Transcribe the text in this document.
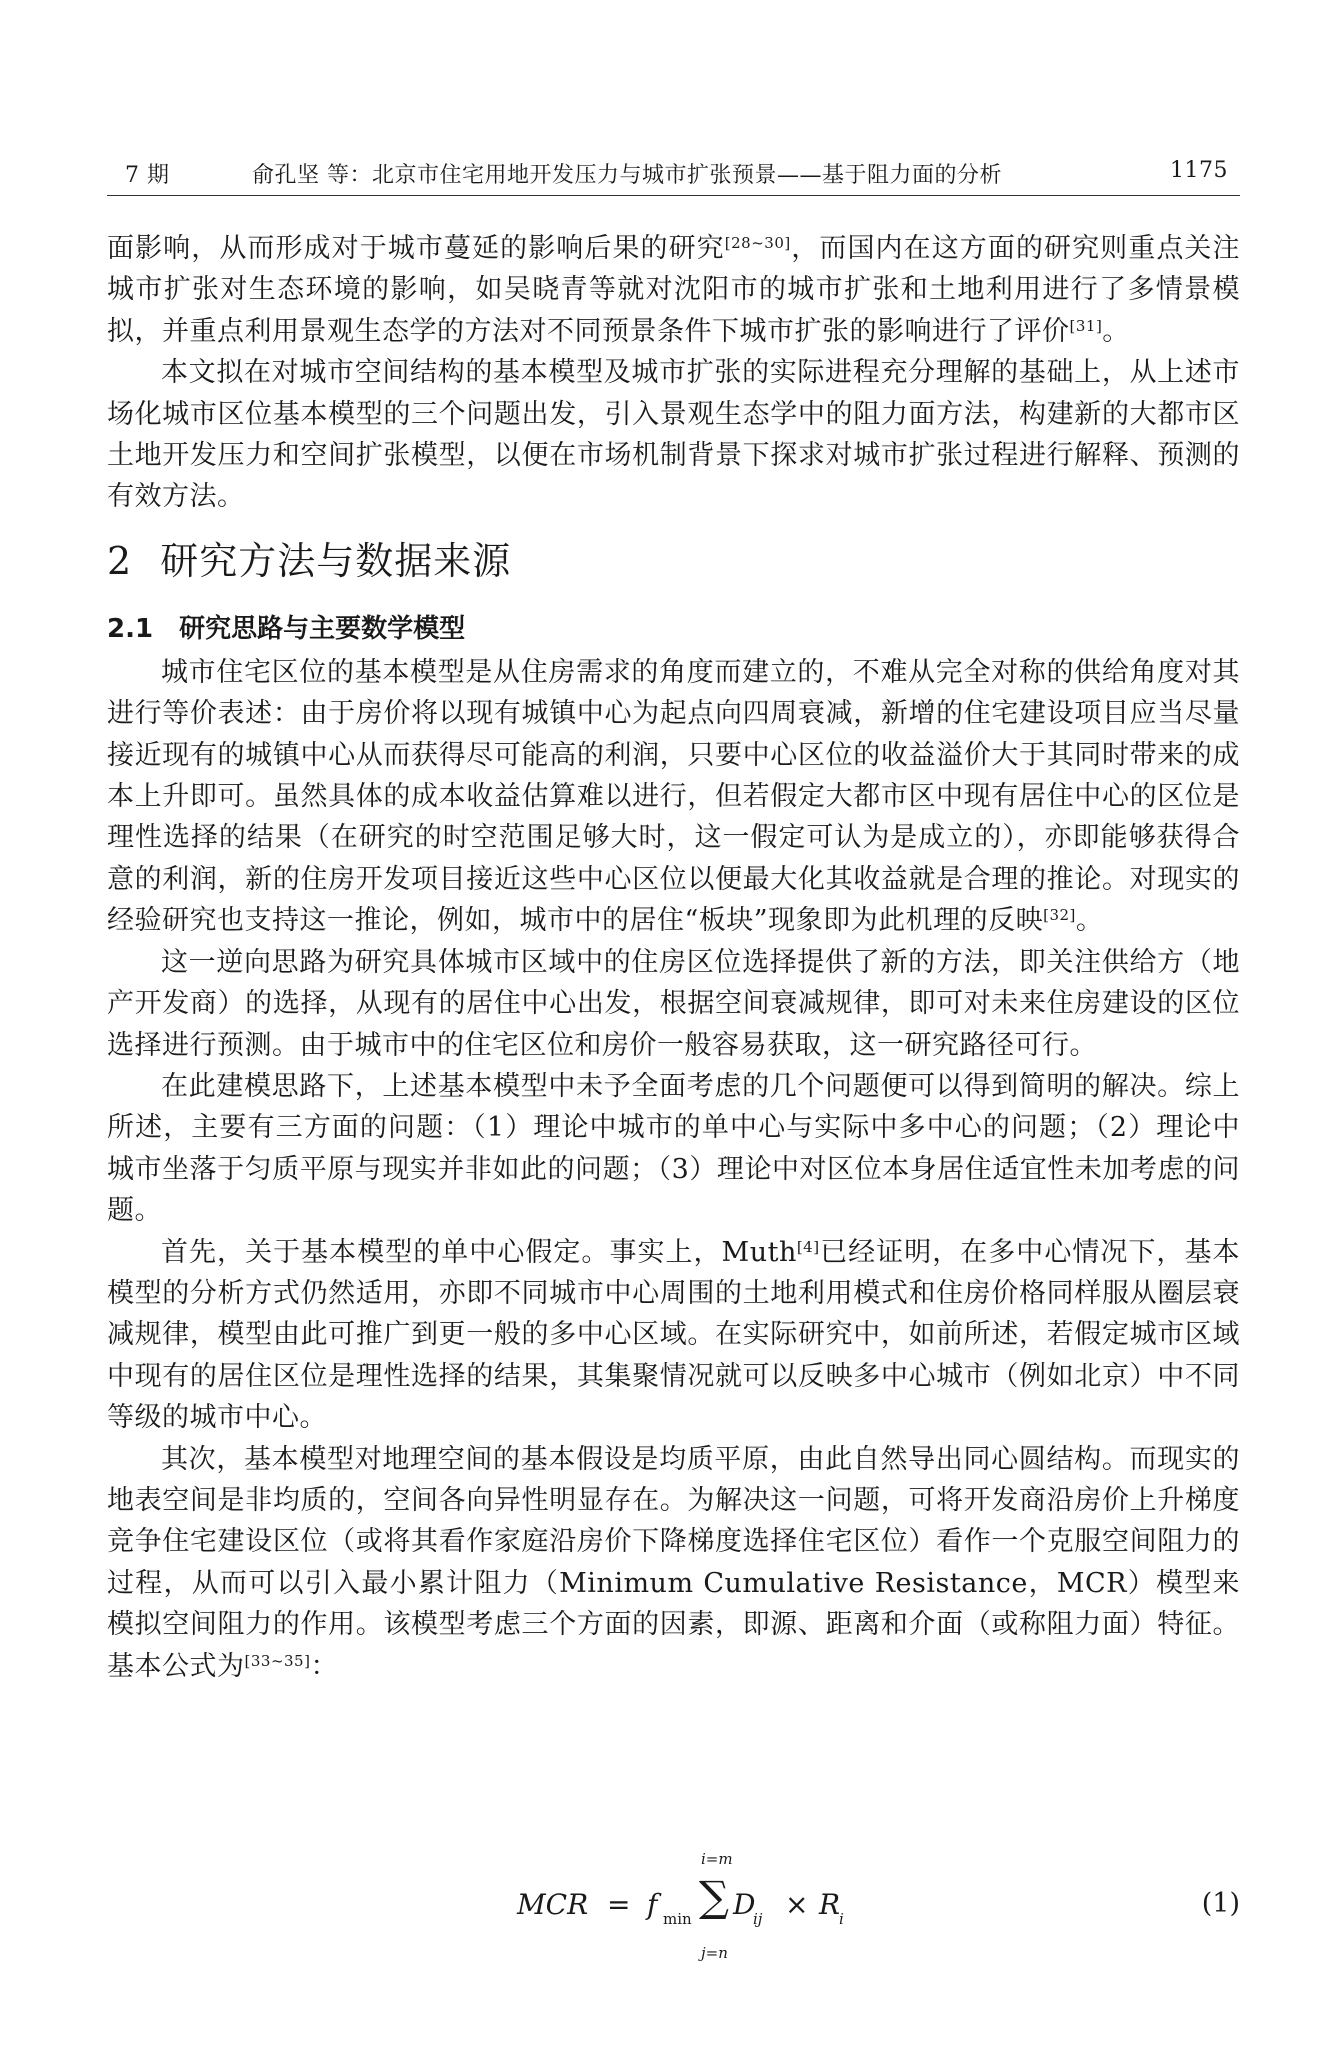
7 期	俞孔坚 等：北京市住宅用地开发压力与城市扩张预景——基于阻力面的分析	1175

面影响，从而形成对于城市蔓延的影响后果的研究[28~30]，而国内在这方面的研究则重点关注城市扩张对生态环境的影响，如吴晓青等就对沈阳市的城市扩张和土地利用进行了多情景模拟，并重点利用景观生态学的方法对不同预景条件下城市扩张的影响进行了评价[31]。

本文拟在对城市空间结构的基本模型及城市扩张的实际进程充分理解的基础上，从上述市场化城市区位基本模型的三个问题出发，引入景观生态学中的阻力面方法，构建新的大都市区土地开发压力和空间扩张模型，以便在市场机制背景下探求对城市扩张过程进行解释、预测的有效方法。

2 研究方法与数据来源
2.1 研究思路与主要数学模型

城市住宅区位的基本模型是从住房需求的角度而建立的，不难从完全对称的供给角度对其进行等价表述：由于房价将以现有城镇中心为起点向四周衰减，新增的住宅建设项目应当尽量接近现有的城镇中心从而获得尽可能高的利润，只要中心区位的收益溢价大于其同时带来的成本上升即可。虽然具体的成本收益估算难以进行，但若假定大都市区中现有居住中心的区位是理性选择的结果（在研究的时空范围足够大时，这一假定可认为是成立的），亦即能够获得合意的利润，新的住房开发项目接近这些中心区位以便最大化其收益就是合理的推论。对现实的经验研究也支持这一推论，例如，城市中的居住“板块”现象即为此机理的反映[32]。

这一逆向思路为研究具体城市区域中的住房区位选择提供了新的方法，即关注供给方（地产开发商）的选择，从现有的居住中心出发，根据空间衰减规律，即可对未来住房建设的区位选择进行预测。由于城市中的住宅区位和房价一般容易获取，这一研究路径可行。

在此建模思路下，上述基本模型中未予全面考虑的几个问题便可以得到简明的解决。综上所述，主要有三方面的问题：（1）理论中城市的单中心与实际中多中心的问题；（2）理论中城市坐落于匀质平原与现实并非如此的问题；（3）理论中对区位本身居住适宜性未加考虑的问题。

首先，关于基本模型的单中心假定。事实上，Muth[4]已经证明，在多中心情况下，基本模型的分析方式仍然适用，亦即不同城市中心周围的土地利用模式和住房价格同样服从圈层衰减规律，模型由此可推广到更一般的多中心区域。在实际研究中，如前所述，若假定城市区域中现有的居住区位是理性选择的结果，其集聚情况就可以反映多中心城市（例如北京）中不同等级的城市中心。

其次，基本模型对地理空间的基本假设是均质平原，由此自然导出同心圆结构。而现实的地表空间是非均质的，空间各向异性明显存在。为解决这一问题，可将开发商沿房价上升梯度竞争住宅建设区位（或将其看作家庭沿房价下降梯度选择住宅区位）看作一个克服空间阻力的过程，从而可以引入最小累计阻力（Minimum Cumulative Resistance，MCR）模型来模拟空间阻力的作用。该模型考虑三个方面的因素，即源、距离和介面（或称阻力面）特征。基本公式为[33~35]：

MCR = f min
i=m
∑
j=n
D
ij × R
i	(1)
